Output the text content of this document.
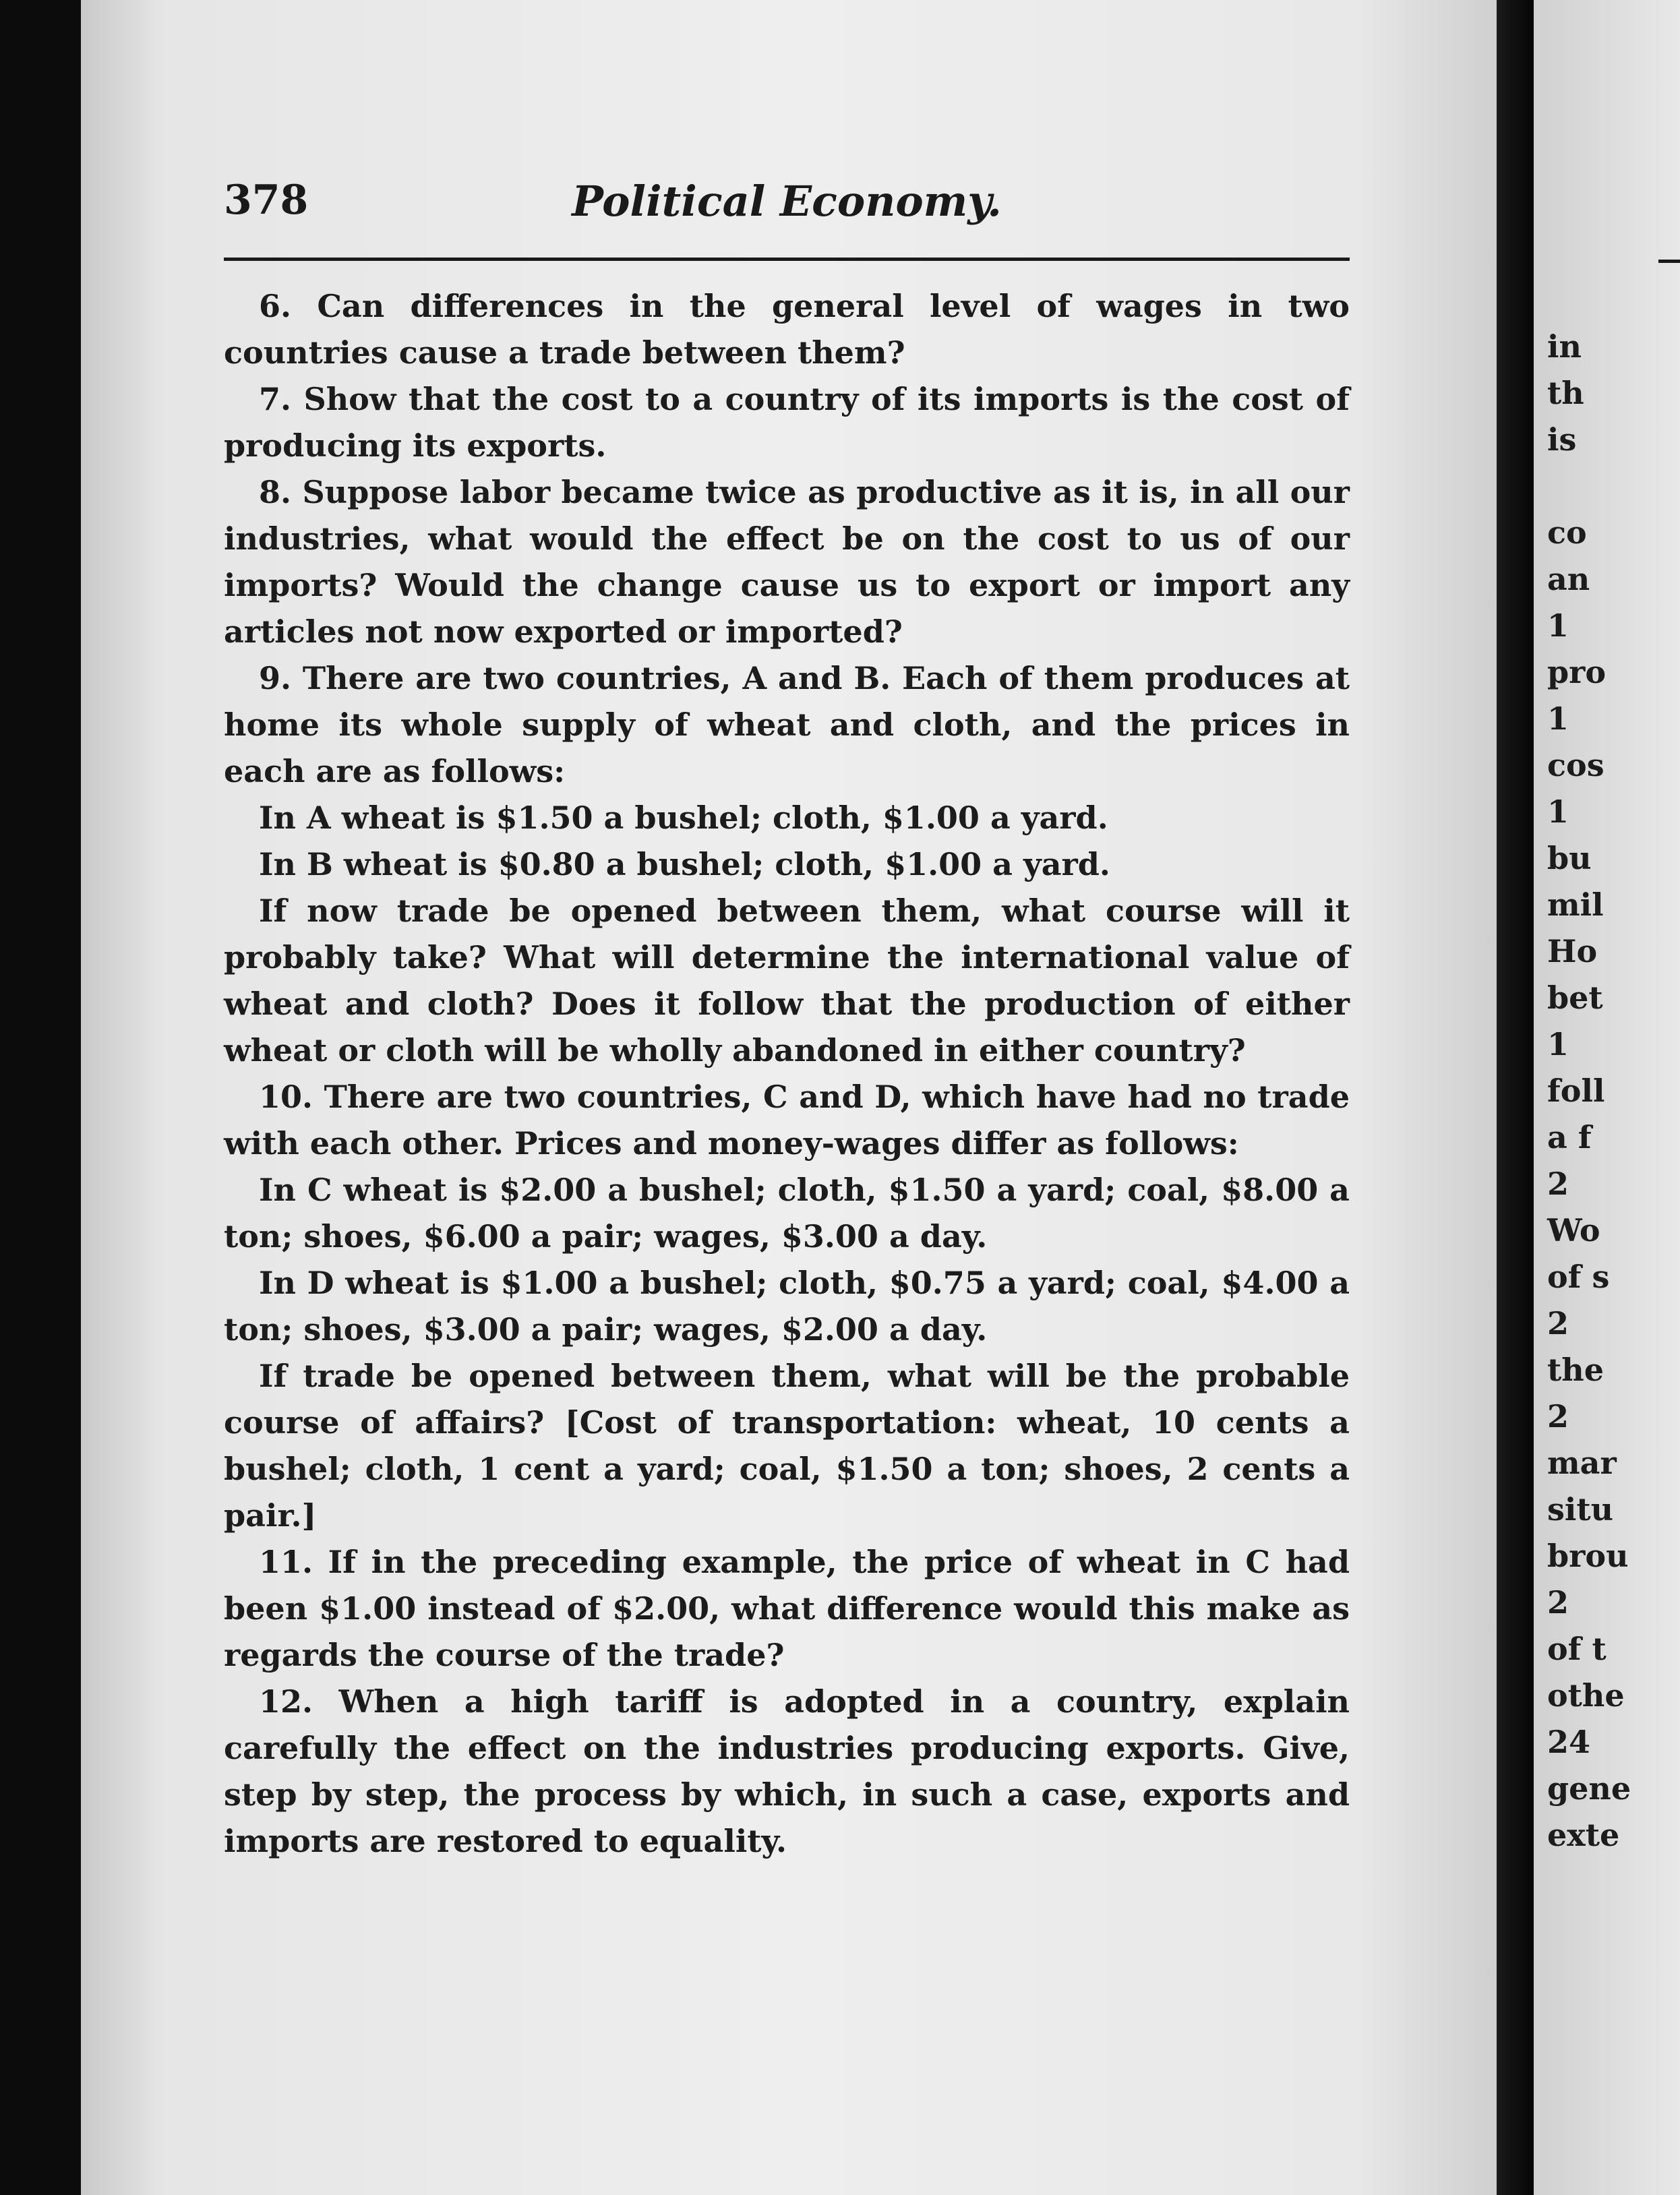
in
th
is

co
an
1
pro
1
cos
1
bu
mil
Ho
bet
1
foll
a f
2
Wo
of s
2
the
2
mar
situ
brou
2
of t
othe
24
gene
exte
378	Political Economy.

6. Can differences in the general level of wages in two countries cause a trade between them?

7. Show that the cost to a country of its imports is the cost of producing its exports.

8. Suppose labor became twice as productive as it is, in all our industries, what would the effect be on the cost to us of our imports? Would the change cause us to export or import any articles not now exported or imported?

9. There are two countries, A and B. Each of them produces at home its whole supply of wheat and cloth, and the prices in each are as follows:

In A wheat is $1.50 a bushel; cloth, $1.00 a yard.

In B wheat is $0.80 a bushel; cloth, $1.00 a yard.

If now trade be opened between them, what course will it probably take? What will determine the international value of wheat and cloth? Does it follow that the production of either wheat or cloth will be wholly abandoned in either country?

10. There are two countries, C and D, which have had no trade with each other. Prices and money-wages differ as follows:

In C wheat is $2.00 a bushel; cloth, $1.50 a yard; coal, $8.00 a ton; shoes, $6.00 a pair; wages, $3.00 a day.

In D wheat is $1.00 a bushel; cloth, $0.75 a yard; coal, $4.00 a ton; shoes, $3.00 a pair; wages, $2.00 a day.

If trade be opened between them, what will be the probable course of affairs? [Cost of transportation: wheat, 10 cents a bushel; cloth, 1 cent a yard; coal, $1.50 a ton; shoes, 2 cents a pair.]

11. If in the preceding example, the price of wheat in C had been $1.00 instead of $2.00, what difference would this make as regards the course of the trade?

12. When a high tariff is adopted in a country, explain carefully the effect on the industries producing exports. Give, step by step, the process by which, in such a case, exports and imports are restored to equality.
